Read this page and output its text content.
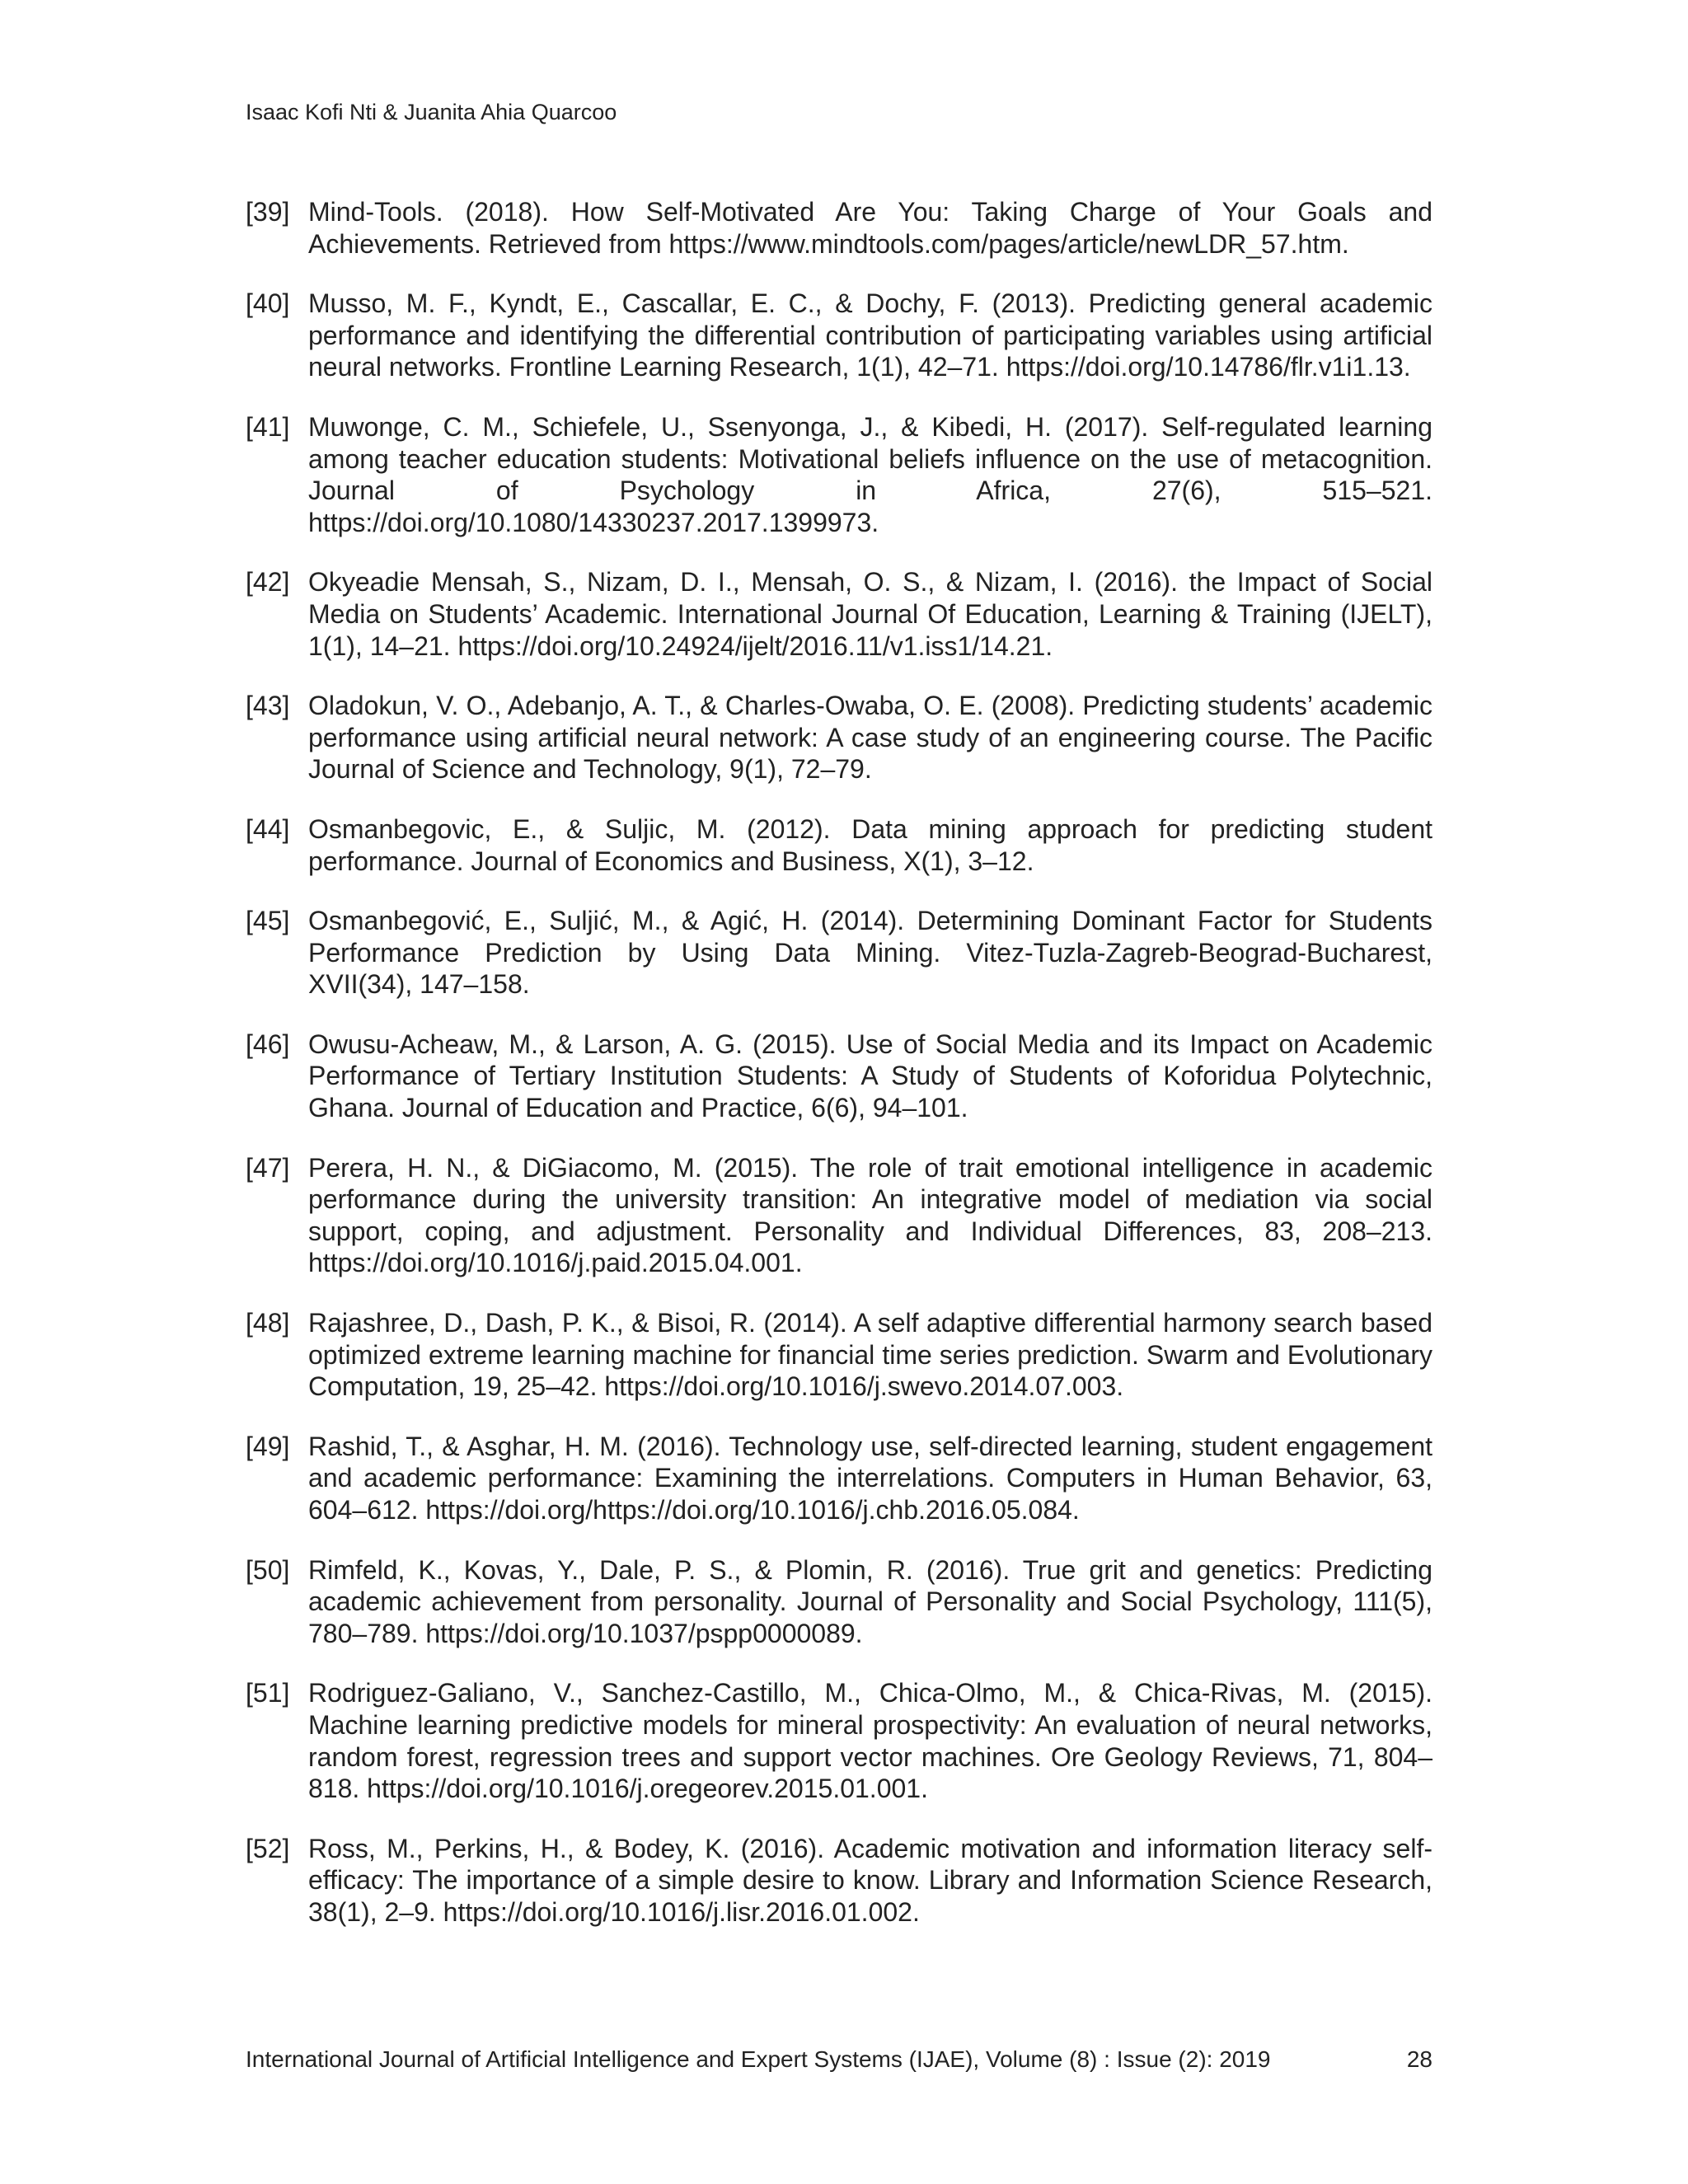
Isaac Kofi Nti & Juanita Ahia Quarcoo
[39] Mind-Tools. (2018). How Self-Motivated Are You: Taking Charge of Your Goals and Achievements. Retrieved from https://www.mindtools.com/pages/article/newLDR_57.htm.
[40] Musso, M. F., Kyndt, E., Cascallar, E. C., & Dochy, F. (2013). Predicting general academic performance and identifying the differential contribution of participating variables using artificial neural networks. Frontline Learning Research, 1(1), 42–71. https://doi.org/10.14786/flr.v1i1.13.
[41] Muwonge, C. M., Schiefele, U., Ssenyonga, J., & Kibedi, H. (2017). Self-regulated learning among teacher education students: Motivational beliefs influence on the use of metacognition. Journal of Psychology in Africa, 27(6), 515–521. https://doi.org/10.1080/14330237.2017.1399973.
[42] Okyeadie Mensah, S., Nizam, D. I., Mensah, O. S., & Nizam, I. (2016). the Impact of Social Media on Students’ Academic. International Journal Of Education, Learning & Training (IJELT), 1(1), 14–21. https://doi.org/10.24924/ijelt/2016.11/v1.iss1/14.21.
[43] Oladokun, V. O., Adebanjo, A. T., & Charles-Owaba, O. E. (2008). Predicting students’ academic performance using artificial neural network: A case study of an engineering course. The Pacific Journal of Science and Technology, 9(1), 72–79.
[44] Osmanbegovic, E., & Suljic, M. (2012). Data mining approach for predicting student performance. Journal of Economics and Business, X(1), 3–12.
[45] Osmanbegović, E., Suljić, M., & Agić, H. (2014). Determining Dominant Factor for Students Performance Prediction by Using Data Mining. Vitez-Tuzla-Zagreb-Beograd-Bucharest, XVII(34), 147–158.
[46] Owusu-Acheaw, M., & Larson, A. G. (2015). Use of Social Media and its Impact on Academic Performance of Tertiary Institution Students: A Study of Students of Koforidua Polytechnic, Ghana. Journal of Education and Practice, 6(6), 94–101.
[47] Perera, H. N., & DiGiacomo, M. (2015). The role of trait emotional intelligence in academic performance during the university transition: An integrative model of mediation via social support, coping, and adjustment. Personality and Individual Differences, 83, 208–213. https://doi.org/10.1016/j.paid.2015.04.001.
[48] Rajashree, D., Dash, P. K., & Bisoi, R. (2014). A self adaptive differential harmony search based optimized extreme learning machine for financial time series prediction. Swarm and Evolutionary Computation, 19, 25–42. https://doi.org/10.1016/j.swevo.2014.07.003.
[49] Rashid, T., & Asghar, H. M. (2016). Technology use, self-directed learning, student engagement and academic performance: Examining the interrelations. Computers in Human Behavior, 63, 604–612. https://doi.org/https://doi.org/10.1016/j.chb.2016.05.084.
[50] Rimfeld, K., Kovas, Y., Dale, P. S., & Plomin, R. (2016). True grit and genetics: Predicting academic achievement from personality. Journal of Personality and Social Psychology, 111(5), 780–789. https://doi.org/10.1037/pspp0000089.
[51] Rodriguez-Galiano, V., Sanchez-Castillo, M., Chica-Olmo, M., & Chica-Rivas, M. (2015). Machine learning predictive models for mineral prospectivity: An evaluation of neural networks, random forest, regression trees and support vector machines. Ore Geology Reviews, 71, 804–818. https://doi.org/10.1016/j.oregeorev.2015.01.001.
[52] Ross, M., Perkins, H., & Bodey, K. (2016). Academic motivation and information literacy self-efficacy: The importance of a simple desire to know. Library and Information Science Research, 38(1), 2–9. https://doi.org/10.1016/j.lisr.2016.01.002.
International Journal of Artificial Intelligence and Expert Systems (IJAE), Volume (8) : Issue (2): 2019	28
